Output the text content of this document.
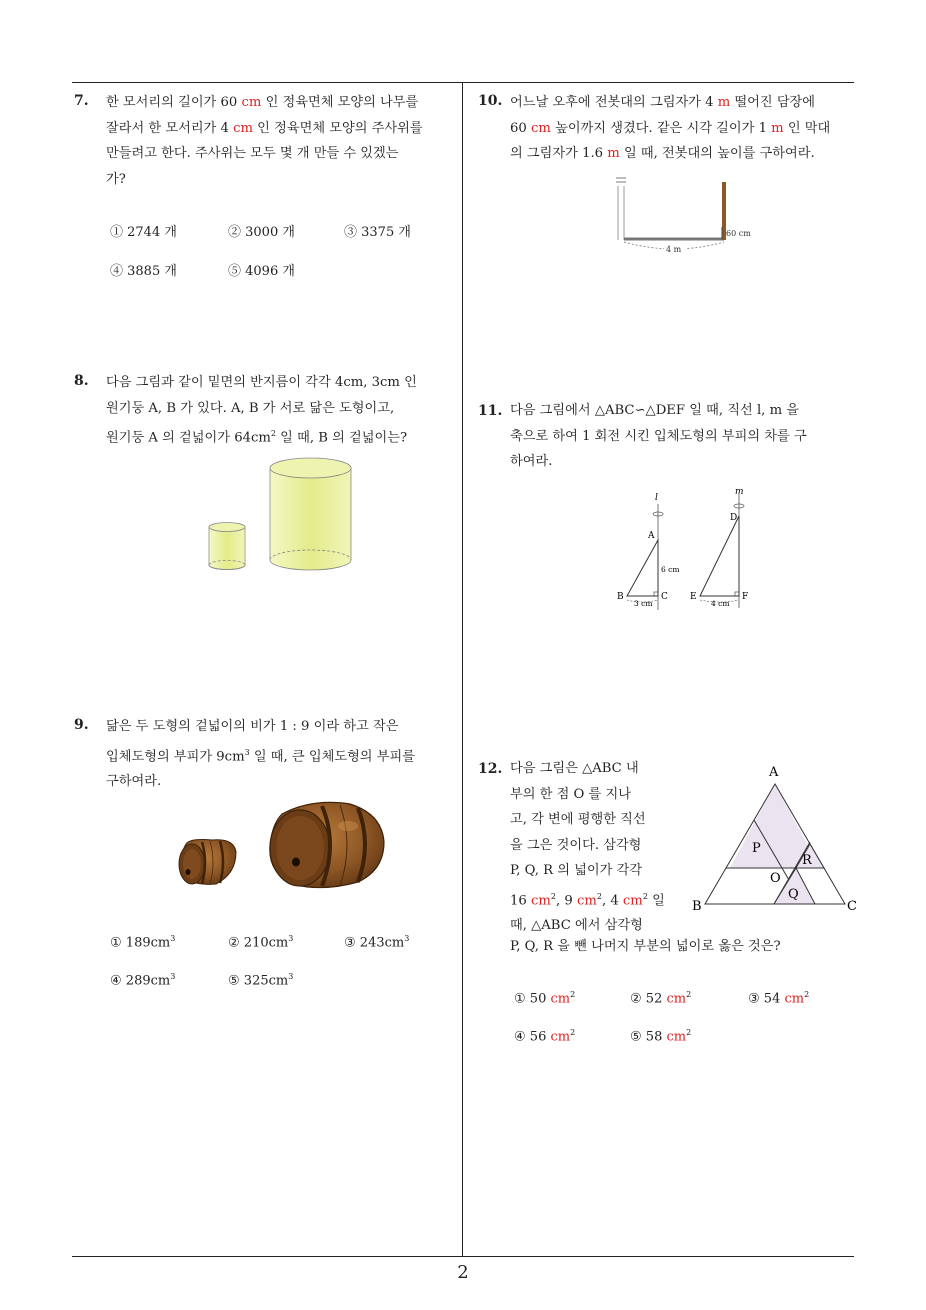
7. 한 모서리의 길이가 60 cm 인 정육면체 모양의 나무를
잘라서 한 모서리가 4 cm 인 정육면체 모양의 주사위를
만들려고 한다. 주사위는 모두 몇 개 만들 수 있겠는
가?
① 2744 개	② 3000 개	③ 3375 개
④ 3885 개	⑤ 4096 개
8. 다음 그림과 같이 밑면의 반지름이 각각 4cm, 3cm 인
원기둥 A, B 가 있다. A, B 가 서로 닮은 도형이고,
원기둥 A 의 겉넓이가 $64cm^2$ 일 때, B 의 겉넓이는?
9. 닮은 두 도형의 겉넓이의 비가 1 : 9 이라 하고 작은
입체도형의 부피가 $9cm^3$ 일 때, 큰 입체도형의 부피를
구하여라.
① $189cm^3$	② $210cm^3$	③ $243cm^3$
④ $289cm^3$	⑤ $325cm^3$
10. 어느날 오후에 전봇대의 그림자가 4 m 떨어진 담장에
60 cm 높이까지 생겼다. 같은 시각 길이가 1 m 인 막대
의 그림자가 1.6 m 일 때, 전봇대의 높이를 구하여라.
60 cm
4 m
11. 다음 그림에서 △ABC∽△DEF 일 때, 직선 l, m 을
축으로 하여 1 회전 시킨 입체도형의 부피의 차를 구
하여라.
l
A
B	C
6 cm
3 cm
m
D
E	F
4 cm
12. 다음 그림은 △ABC 내
부의 한 점 O 를 지나
고, 각 변에 평행한 직선
을 그은 것이다. 삼각형
P, Q, R 의 넓이가 각각
16 $cm^2$, 9 $cm^2$, 4 $cm^2$ 일
때, △ABC 에서 삼각형
P, Q, R 을 뺀 나머지 부분의 넓이로 옳은 것은?
A
B	C
P
R
Q
O
① 50 $cm^2$	② 52 $cm^2$	③ 54 $cm^2$
④ 56 $cm^2$	⑤ 58 $cm^2$
2
